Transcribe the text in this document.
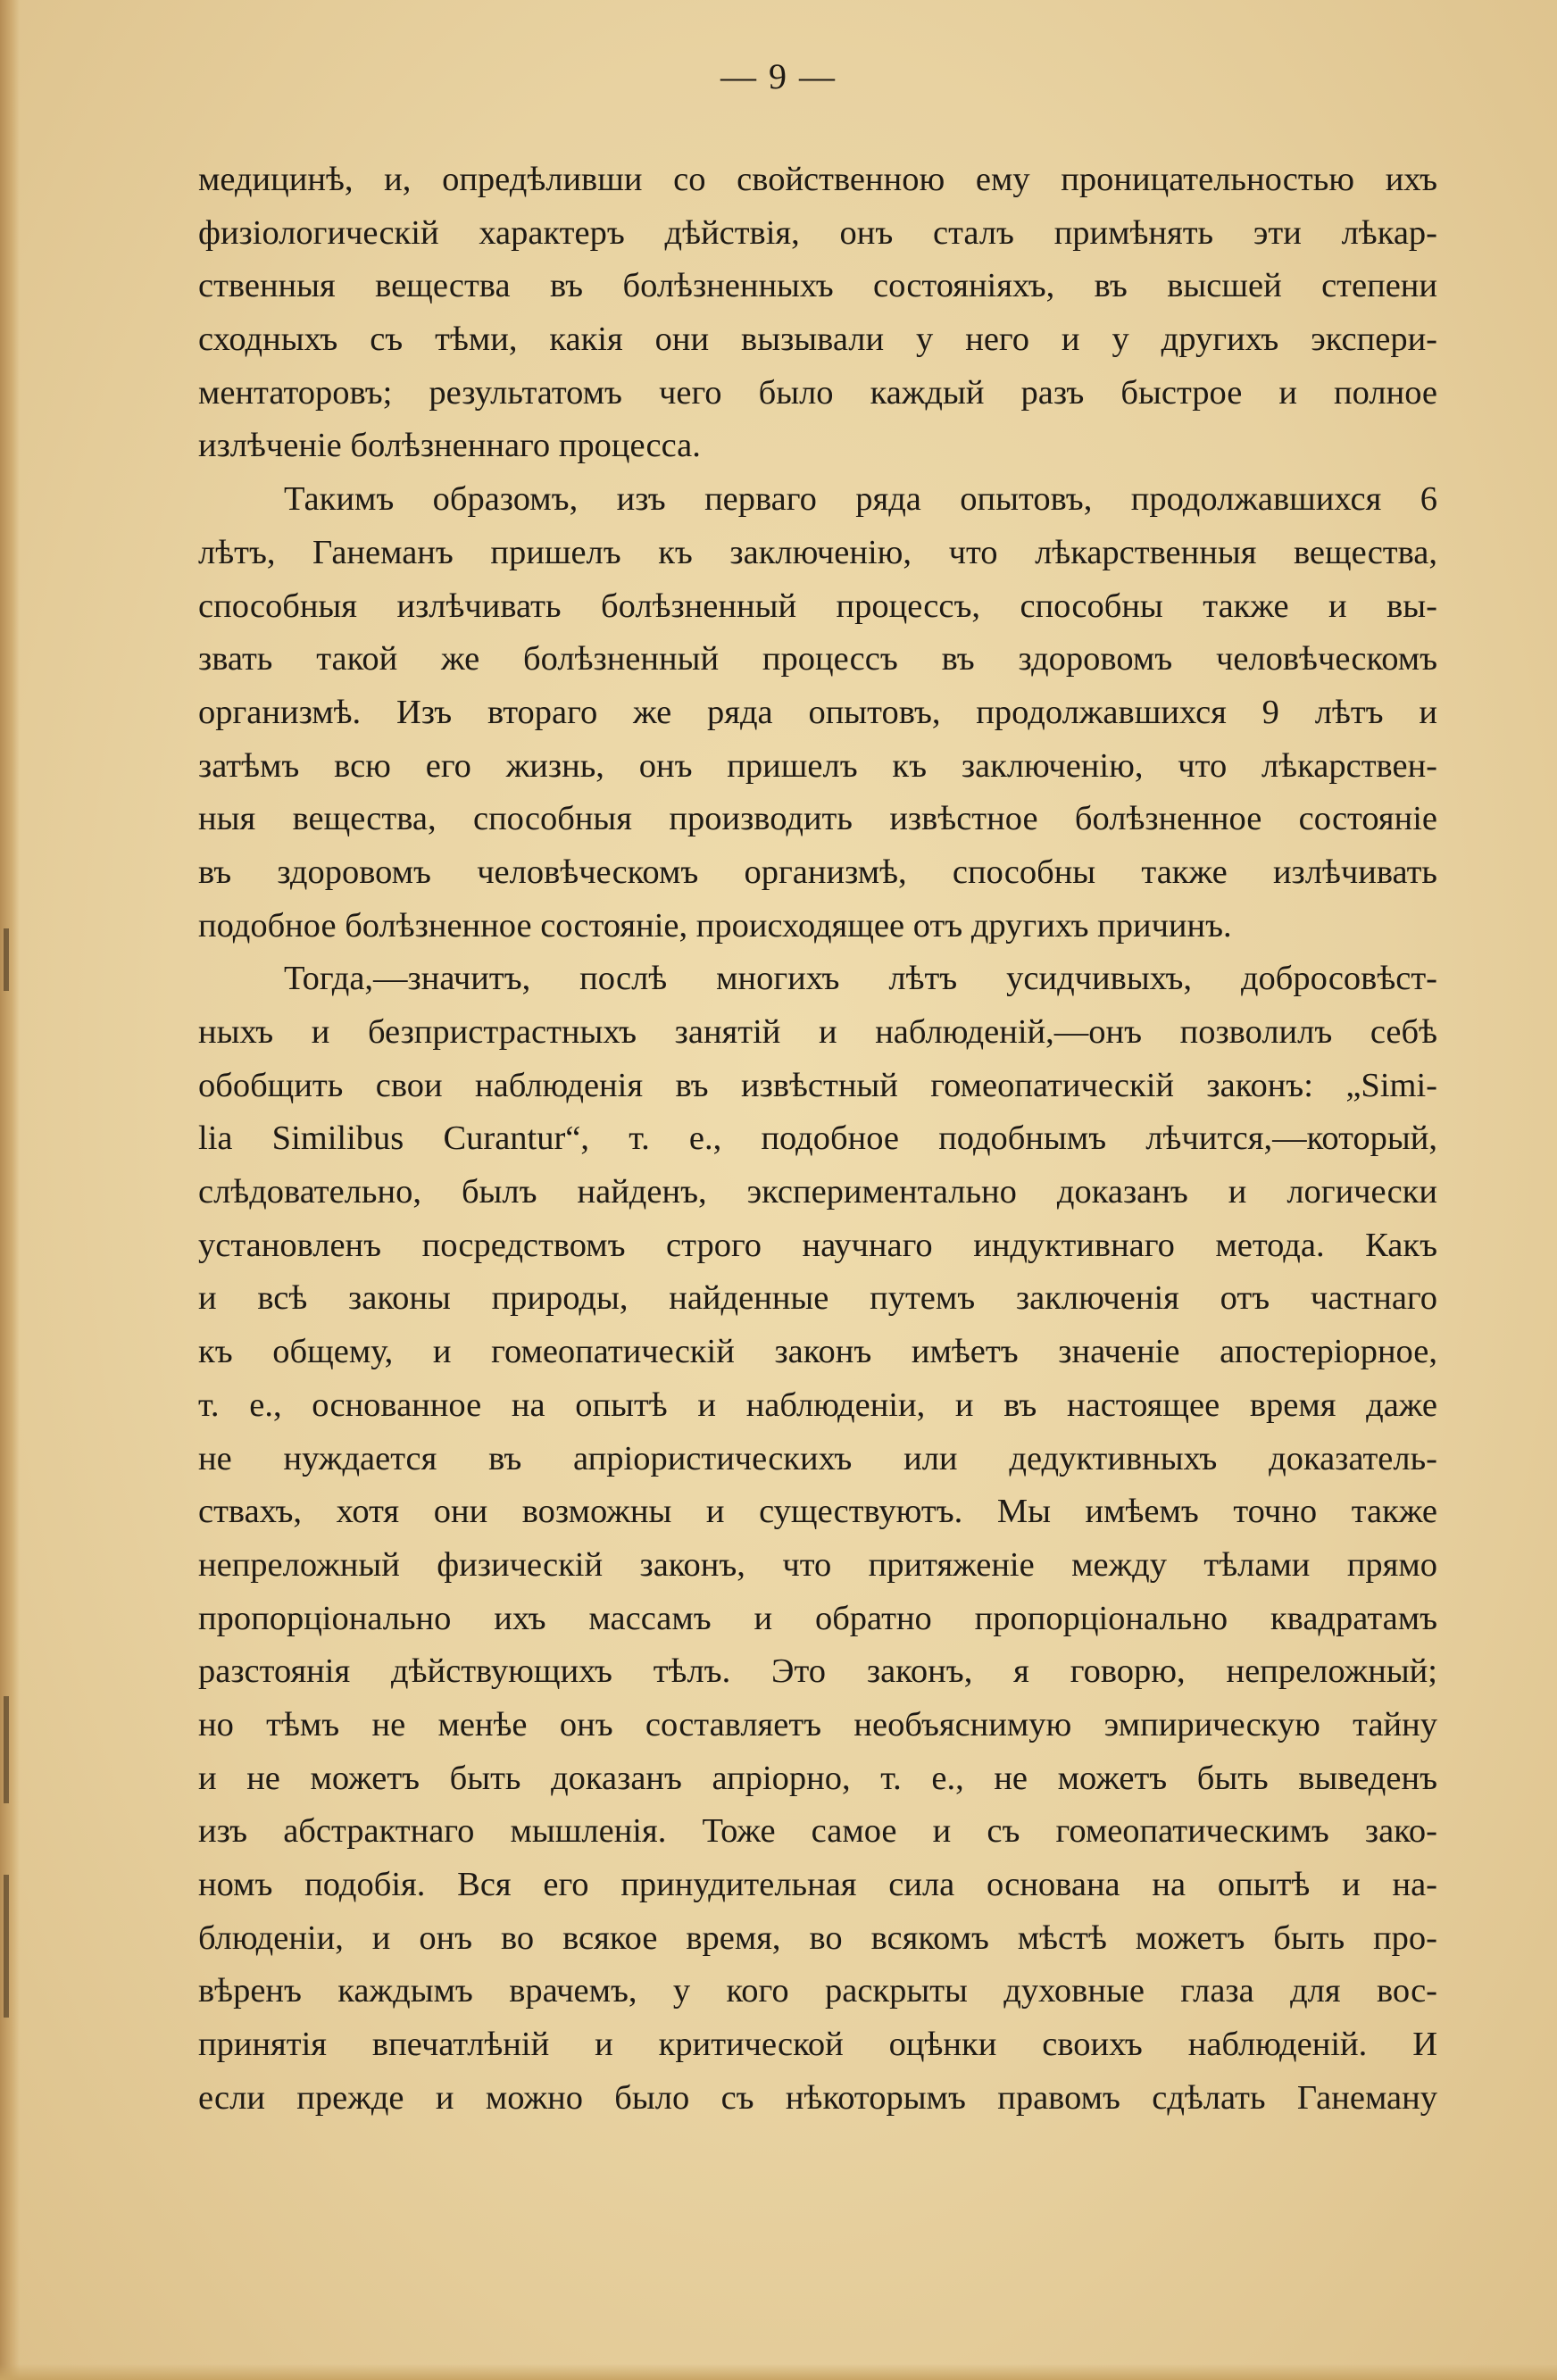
— 9 —
медицинѣ, и, опредѣливши со свойственною ему проницательностью ихъ
физіологическій характеръ дѣйствія, онъ сталъ примѣнять эти лѣкар-
ственныя вещества въ болѣзненныхъ состояніяхъ, въ высшей степени
сходныхъ съ тѣми, какія они вызывали у него и у другихъ экспери-
ментаторовъ; результатомъ чего было каждый разъ быстрое и полное
излѣченіе болѣзненнаго процесса.
Такимъ образомъ, изъ перваго ряда опытовъ, продолжавшихся 6
лѣтъ, Ганеманъ пришелъ къ заключенію, что лѣкарственныя вещества,
способныя излѣчивать болѣзненный процессъ, способны также и вы-
звать такой же болѣзненный процессъ въ здоровомъ человѣческомъ
организмѣ. Изъ втораго же ряда опытовъ, продолжавшихся 9 лѣтъ и
затѣмъ всю его жизнь, онъ пришелъ къ заключенію, что лѣкарствен-
ныя вещества, способныя производить извѣстное болѣзненное состояніе
въ здоровомъ человѣческомъ организмѣ, способны также излѣчивать
подобное болѣзненное состояніе, происходящее отъ другихъ причинъ.
Тогда,—значитъ, послѣ многихъ лѣтъ усидчивыхъ, добросовѣст-
ныхъ и безпристрастныхъ занятій и наблюденій,—онъ позволилъ себѣ
обобщить свои наблюденія въ извѣстный гомеопатическій законъ: „Simi-
lia Similibus Curantur“, т. е., подобное подобнымъ лѣчится,—который,
слѣдовательно, былъ найденъ, экспериментально доказанъ и логически
установленъ посредствомъ строго научнаго индуктивнаго метода. Какъ
и всѣ законы природы, найденные путемъ заключенія отъ частнаго
къ общему, и гомеопатическій законъ имѣетъ значеніе апостеріорное,
т. е., основанное на опытѣ и наблюденіи, и въ настоящее время даже
не нуждается въ апріористическихъ или дедуктивныхъ доказатель-
ствахъ, хотя они возможны и существуютъ. Мы имѣемъ точно также
непреложный физическій законъ, что притяженіе между тѣлами прямо
пропорціонально ихъ массамъ и обратно пропорціонально квадратамъ
разстоянія дѣйствующихъ тѣлъ. Это законъ, я говорю, непреложный;
но тѣмъ не менѣе онъ составляетъ необъяснимую эмпирическую тайну
и не можетъ быть доказанъ апріорно, т. е., не можетъ быть выведенъ
изъ абстрактнаго мышленія. Тоже самое и съ гомеопатическимъ зако-
номъ подобія. Вся его принудительная сила основана на опытѣ и на-
блюденіи, и онъ во всякое время, во всякомъ мѣстѣ можетъ быть про-
вѣренъ каждымъ врачемъ, у кого раскрыты духовные глаза для вос-
принятія впечатлѣній и критической оцѣнки своихъ наблюденій. И
если прежде и можно было съ нѣкоторымъ правомъ сдѣлать Ганеману
